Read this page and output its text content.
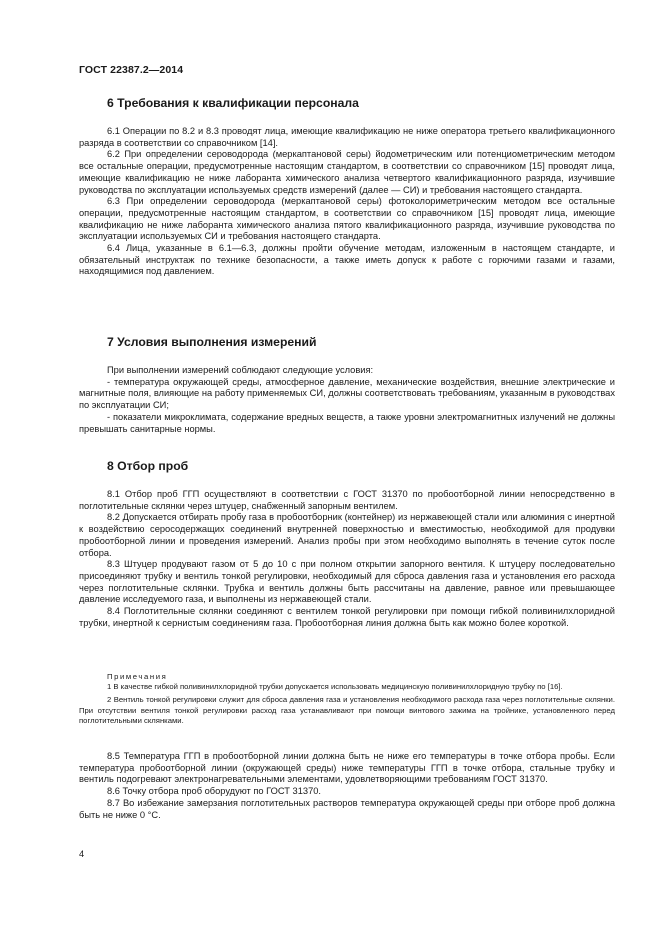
ГОСТ 22387.2—2014
6 Требования к квалификации персонала

6.1 Операции по 8.2 и 8.3 проводят лица, имеющие квалификацию не ниже оператора третьего квалификационного разряда в соответствии со справочником [14].

6.2 При определении сероводорода (меркаптановой серы) йодометрическим или потенциометрическим методом все остальные операции, предусмотренные настоящим стандартом, в соответствии со справочником [15] проводят лица, имеющие квалификацию не ниже лаборанта химического анализа четвертого квалификационного разряда, изучившие руководства по эксплуатации используемых средств измерений (далее — СИ) и требования настоящего стандарта.

6.3 При определении сероводорода (меркаптановой серы) фотоколориметрическим методом все остальные операции, предусмотренные настоящим стандартом, в соответствии со справочником [15] проводят лица, имеющие квалификацию не ниже лаборанта химического анализа пятого квалификационного разряда, изучившие руководства по эксплуатации используемых СИ и требования настоящего стандарта.

6.4 Лица, указанные в 6.1—6.3, должны пройти обучение методам, изложенным в настоящем стандарте, и обязательный инструктаж по технике безопасности, а также иметь допуск к работе с горючими газами и газами, находящимися под давлением.

7 Условия выполнения измерений

При выполнении измерений соблюдают следующие условия:

- температура окружающей среды, атмосферное давление, механические воздействия, внешние электрические и магнитные поля, влияющие на работу применяемых СИ, должны соответствовать требованиям, указанным в руководствах по эксплуатации СИ;

- показатели микроклимата, содержание вредных веществ, а также уровни электромагнитных излучений не должны превышать санитарные нормы.

8 Отбор проб

8.1 Отбор проб ГГП осуществляют в соответствии с ГОСТ 31370 по пробоотборной линии непосредственно в поглотительные склянки через штуцер, снабженный запорным вентилем.

8.2 Допускается отбирать пробу газа в пробоотборник (контейнер) из нержавеющей стали или алюминия с инертной к воздействию серосодержащих соединений внутренней поверхностью и вместимостью, необходимой для продувки пробоотборной линии и проведения измерений. Анализ пробы при этом необходимо выполнять в течение суток после отбора.

8.3 Штуцер продувают газом от 5 до 10 с при полном открытии запорного вентиля. К штуцеру последовательно присоединяют трубку и вентиль тонкой регулировки, необходимый для сброса давления газа и установления его расхода через поглотительные склянки. Трубка и вентиль должны быть рассчитаны на давление, равное или превышающее давление исследуемого газа, и выполнены из нержавеющей стали.

8.4 Поглотительные склянки соединяют с вентилем тонкой регулировки при помощи гибкой поливинилхлоридной трубки, инертной к сернистым соединениям газа. Пробоотборная линия должна быть как можно более короткой.

Примечания

1 В качестве гибкой поливинилхлоридной трубки допускается использовать медицинскую поливинилхлоридную трубку по [16].

2 Вентиль тонкой регулировки служит для сброса давления газа и установления необходимого расхода газа через поглотительные склянки. При отсутствии вентиля тонкой регулировки расход газа устанавливают при помощи винтового зажима на тройнике, установленного перед поглотительными склянками.

8.5 Температура ГГП в пробоотборной линии должна быть не ниже его температуры в точке отбора пробы. Если температура пробоотборной линии (окружающей среды) ниже температуры ГГП в точке отбора, стальные трубку и вентиль подогревают электронагревательными элементами, удовлетворяющими требованиям ГОСТ 31370.

8.6 Точку отбора проб оборудуют по ГОСТ 31370.

8.7 Во избежание замерзания поглотительных растворов температура окружающей среды при отборе проб должна быть не ниже 0 °С.

4
